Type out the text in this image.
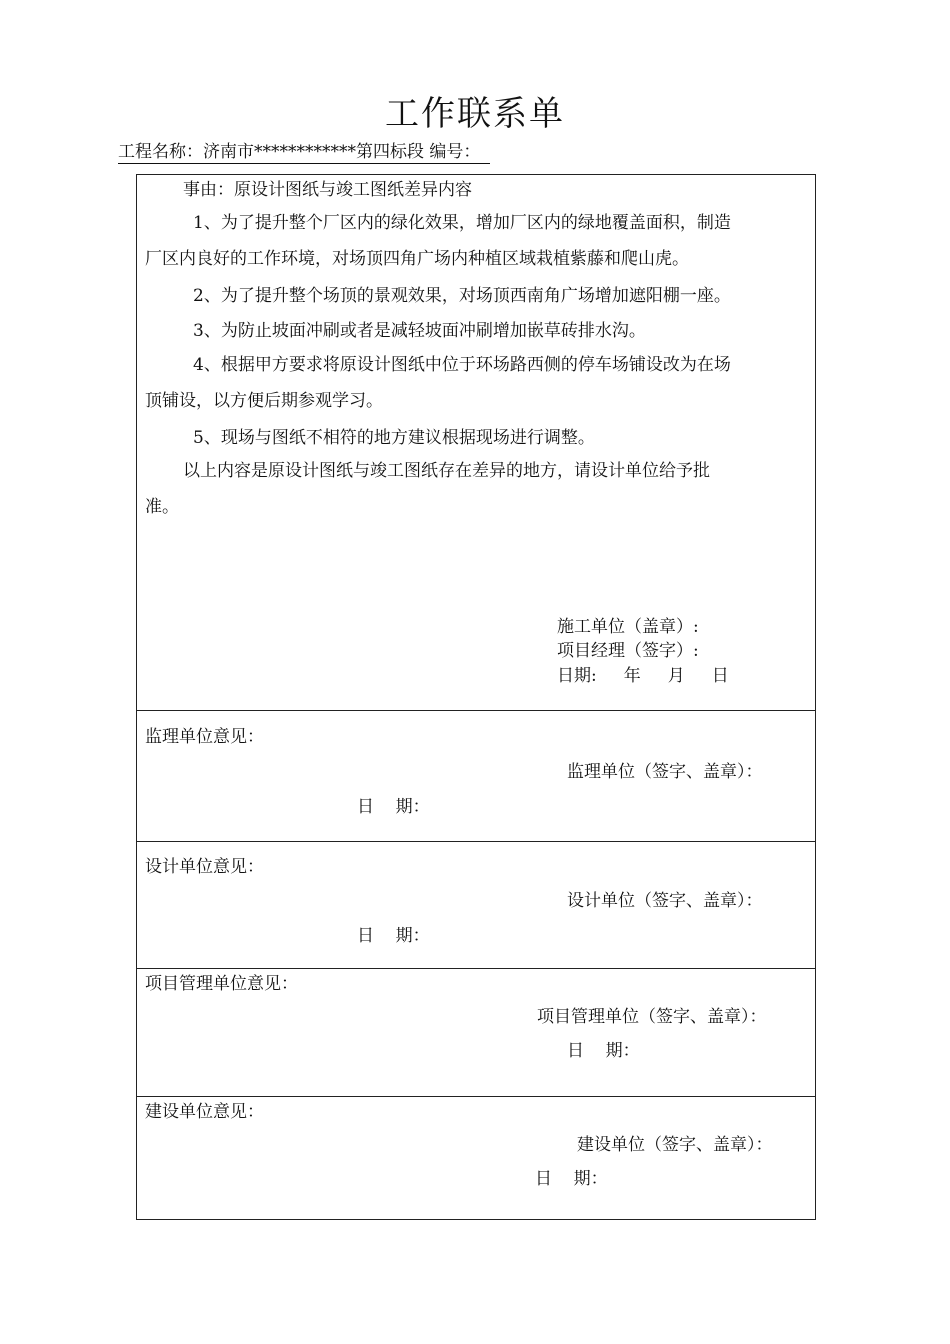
工作联系单
工程名称：济南市************第四标段 编号：
事由：原设计图纸与竣工图纸差异内容
1、为了提升整个厂区内的绿化效果，增加厂区内的绿地覆盖面积，制造
厂区内良好的工作环境，对场顶四角广场内种植区域栽植紫藤和爬山虎。
2、为了提升整个场顶的景观效果，对场顶西南角广场增加遮阳棚一座。
3、为防止坡面冲刷或者是减轻坡面冲刷增加嵌草砖排水沟。
4、根据甲方要求将原设计图纸中位于环场路西侧的停车场铺设改为在场
顶铺设，以方便后期参观学习。
5、现场与图纸不相符的地方建议根据现场进行调整。
以上内容是原设计图纸与竣工图纸存在差异的地方，请设计单位给予批
准。
施工单位（盖章）:
项目经理（签字）:
日期:     年     月     日
监理单位意见：
监理单位（签字、盖章）：
日    期：
设计单位意见：
设计单位（签字、盖章）：
日    期：
项目管理单位意见：
项目管理单位（签字、盖章）：
日    期：
建设单位意见：
建设单位（签字、盖章）：
日    期：
